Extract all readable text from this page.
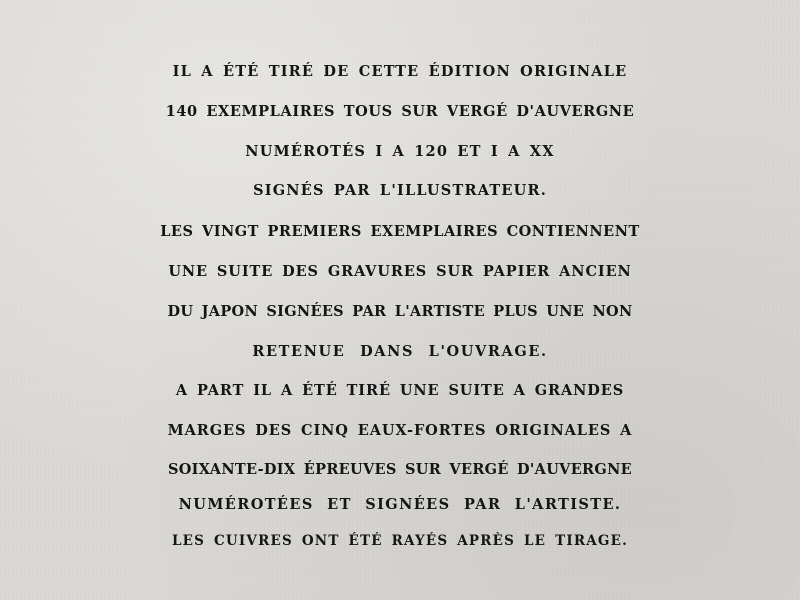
IL A ÉTÉ TIRÉ DE CETTE ÉDITION ORIGINALE
140 EXEMPLAIRES TOUS SUR VERGÉ D'AUVERGNE
NUMÉROTÉS I A 120 ET I A XX
SIGNÉS PAR L'ILLUSTRATEUR.
LES VINGT PREMIERS EXEMPLAIRES CONTIENNENT
UNE SUITE DES GRAVURES SUR PAPIER ANCIEN
DU JAPON SIGNÉES PAR L'ARTISTE PLUS UNE NON
RETENUE DANS L'OUVRAGE.
A PART IL A ÉTÉ TIRÉ UNE SUITE A GRANDES
MARGES DES CINQ EAUX-FORTES ORIGINALES A
SOIXANTE-DIX ÉPREUVES SUR VERGÉ D'AUVERGNE
NUMÉROTÉES ET SIGNÉES PAR L'ARTISTE.
LES CUIVRES ONT ÉTÉ RAYÉS APRÈS LE TIRAGE.
